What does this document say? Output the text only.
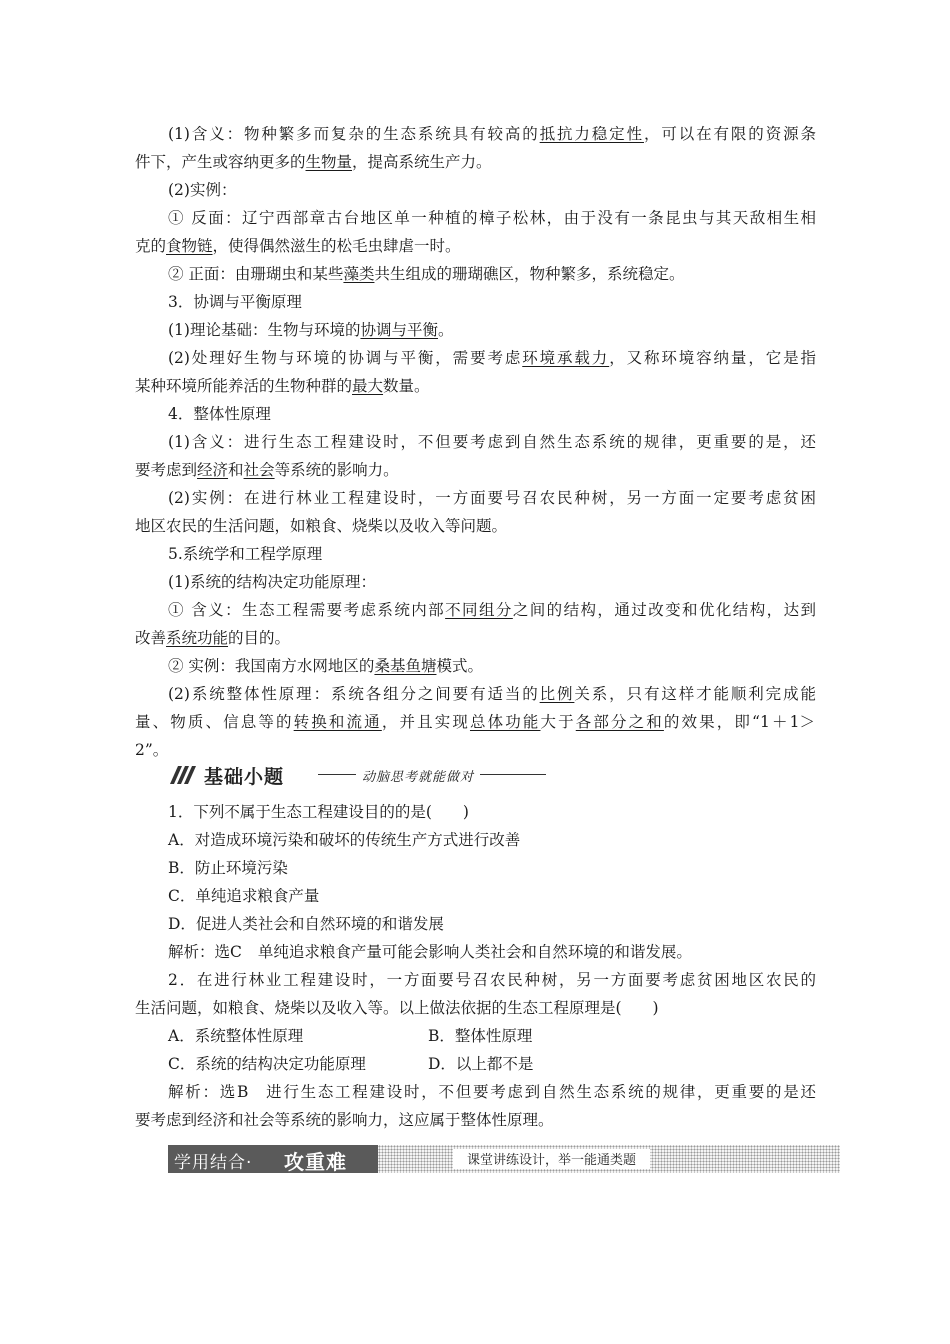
(1)含义：物种繁多而复杂的生态系统具有较高的抵抗力稳定性，可以在有限的资源条
件下，产生或容纳更多的生物量，提高系统生产力。
(2)实例：
① 反面：辽宁西部章古台地区单一种植的樟子松林，由于没有一条昆虫与其天敌相生相
克的食物链，使得偶然滋生的松毛虫肆虐一时。
② 正面：由珊瑚虫和某些藻类共生组成的珊瑚礁区，物种繁多，系统稳定。
3．协调与平衡原理
(1)理论基础：生物与环境的协调与平衡。
(2)处理好生物与环境的协调与平衡，需要考虑环境承载力，又称环境容纳量，它是指
某种环境所能养活的生物种群的最大数量。
4．整体性原理
(1)含义：进行生态工程建设时，不但要考虑到自然生态系统的规律，更重要的是，还
要考虑到经济和社会等系统的影响力。
(2)实例：在进行林业工程建设时，一方面要号召农民种树，另一方面一定要考虑贫困
地区农民的生活问题，如粮食、烧柴以及收入等问题。
5.系统学和工程学原理
(1)系统的结构决定功能原理：
① 含义：生态工程需要考虑系统内部不同组分之间的结构，通过改变和优化结构，达到
改善系统功能的目的。
② 实例：我国南方水网地区的桑基鱼塘模式。
(2)系统整体性原理：系统各组分之间要有适当的比例关系，只有这样才能顺利完成能
量、物质、信息等的转换和流通，并且实现总体功能大于各部分之和的效果，即“1＋1＞
2”。
基础小题	动脑思考就能做对
1．下列不属于生态工程建设目的的是(　　)
A．对造成环境污染和破坏的传统生产方式进行改善
B．防止环境污染
C．单纯追求粮食产量
D．促进人类社会和自然环境的和谐发展
解析：选C 单纯追求粮食产量可能会影响人类社会和自然环境的和谐发展。
2．在进行林业工程建设时，一方面要号召农民种树，另一方面要考虑贫困地区农民的
生活问题，如粮食、烧柴以及收入等。以上做法依据的生态工程原理是(　　)
A．系统整体性原理	B．整体性原理
C．系统的结构决定功能原理	D．以上都不是
解析：选B 进行生态工程建设时，不但要考虑到自然生态系统的规律，更重要的是还
要考虑到经济和社会等系统的影响力，这应属于整体性原理。
学用结合· 攻重难	课堂讲练设计，举一能通类题
